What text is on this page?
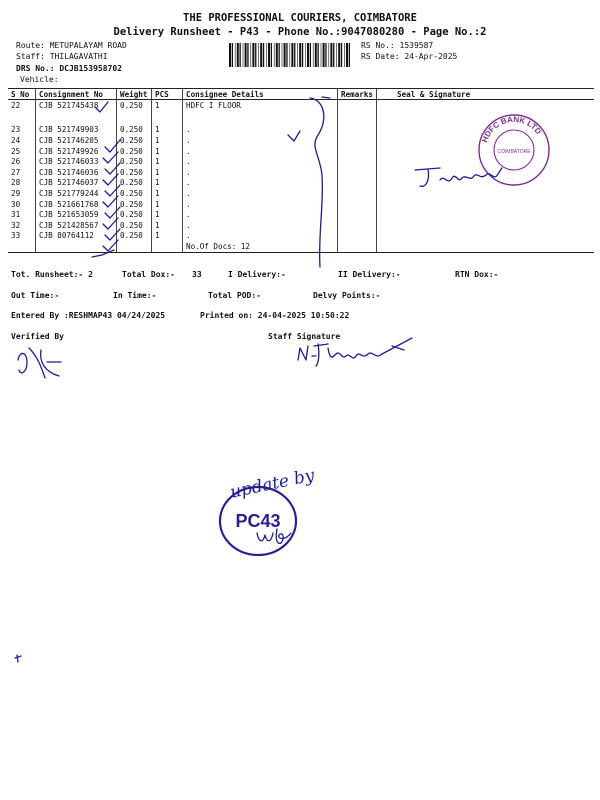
THE PROFESSIONAL COURIERS, COIMBATORE
Delivery Runsheet - P43 - Phone No.:9047080280 - Page No.:2
Route: METUPALAYAM ROAD
Staff: THILAGAVATHI
DRS No.: DCJB153958702
Vehicle:
RS No.: 1539587
RS Date: 24-Apr-2025
S No	Consignment No	Weight	PCS	Consignee Details	Remarks	Seal & Signature
22	CJB 521745438	0.250	1	HDFC I FLOOR		

23	CJB 521749903	0.250	1	.		
24	CJB 521746205	0.250	1	.		
25	CJB 521749926	0.250	1	.		
26	CJB 521746033	0.250	1	.		
27	CJB 521746036	0.250	1	.		
28	CJB 521746037	0.250	1	.		
29	CJB 521779244	0.250	1	.		
30	CJB 521661768	0.250	1	.		
31	CJB 521653059	0.250	1	.		
32	CJB 521428567	0.250	1	.		
33	CJB 80764112	0.250	1	.		
				No.Of Docs: 12		
Tot. Runsheet:- 2	Total Dox:- 33	I Delivery:-	II Delivery:-	RTN Dox:-
Out Time:-	In Time:-	Total POD:-	Delvy Points:-
Entered By :RESHMAP43 04/24/2025	Printed on: 24-04-2025 10:50:22
Verified By	Staff Signature
HDFC BANK LTD
COIMBATORE
PC43
update by
